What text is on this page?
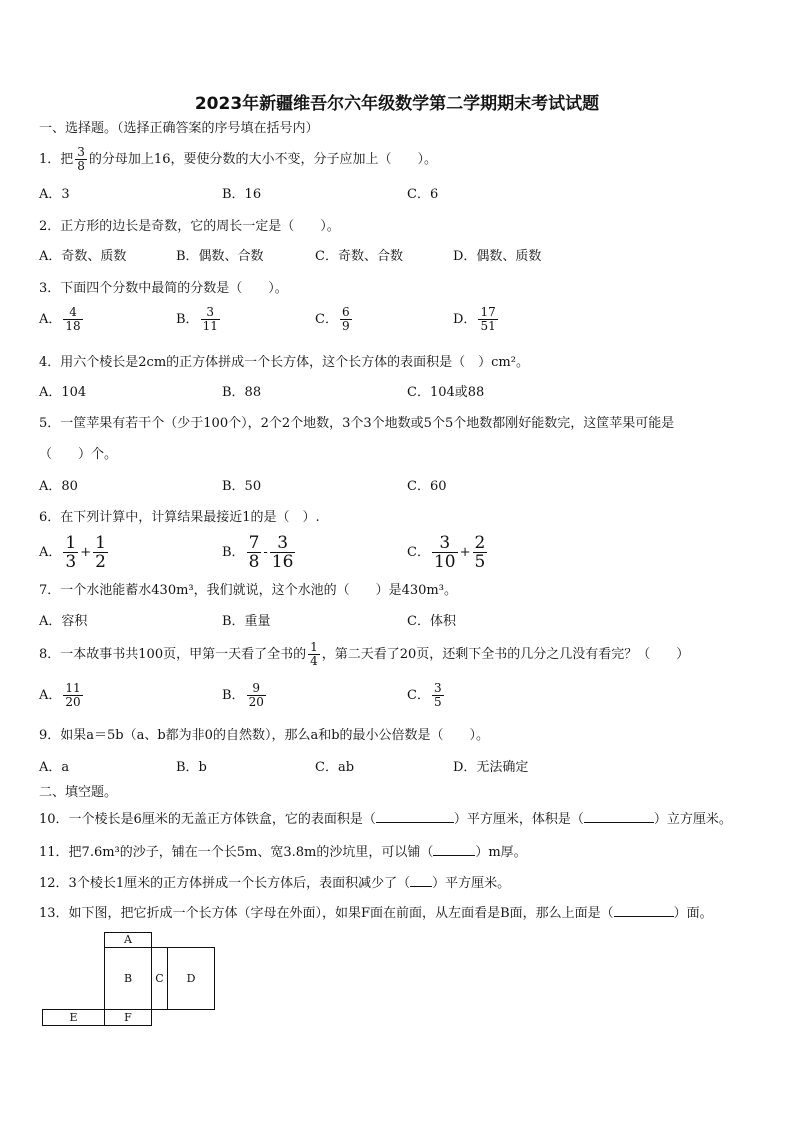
2023年新疆维吾尔六年级数学第二学期期末考试试题
一、选择题。（选择正确答案的序号填在括号内）
1．把 $\frac{3}{8}$ 的分母加上16，要使分数的大小不变，分子应加上（　　）。
A．3	B．16	C．6
2．正方形的边长是奇数，它的周长一定是（　　）。
A．奇数、质数	B．偶数、合数	C．奇数、合数	D．偶数、质数
3．下面四个分数中最简的分数是（　　）。
A． $\frac{4}{18}$	B． $\frac{3}{11}$	C． $\frac{6}{9}$	D． $\frac{17}{51}$
4．用六个棱长是2cm的正方体拼成一个长方体，这个长方体的表面积是（　）cm²。
A．104	B．88	C．104或88
5．一筐苹果有若干个（少于100个），2个2个地数，3个3个地数或5个5个地数都刚好能数完，这筐苹果可能是
（　　）个。
A．80	B．50	C．60
6．在下列计算中，计算结果最接近1的是（　）.
A． $\frac{1}{3} + \frac{1}{2}$	B． $\frac{7}{8} - \frac{3}{16}$	C． $\frac{3}{10} + \frac{2}{5}$
7．一个水池能蓄水430m³，我们就说，这个水池的（　　）是430m³。
A．容积	B．重量	C．体积
8．一本故事书共100页，甲第一天看了全书的 $\frac{1}{4}$ ，第二天看了20页，还剩下全书的几分之几没有看完？（　　）
A． $\frac{11}{20}$	B． $\frac{9}{20}$	C． $\frac{3}{5}$
9．如果a＝5b（a、b都为非0的自然数），那么a和b的最小公倍数是（　　）。
A．a	B．b	C．ab	D．无法确定
二、填空题。
10．一个棱长是6厘米的无盖正方体铁盒，它的表面积是（	）平方厘米，体积是（	）立方厘米。
11．把7.6m³的沙子，铺在一个长5m、宽3.8m的沙坑里，可以铺（	）m厚。
12．3个棱长1厘米的正方体拼成一个长方体后，表面积减少了（ ）平方厘米。
13．如下图，把它折成一个长方体（字母在外面），如果F面在前面，从左面看是B面，那么上面是（	）面。
A
B	C	D
E	F
